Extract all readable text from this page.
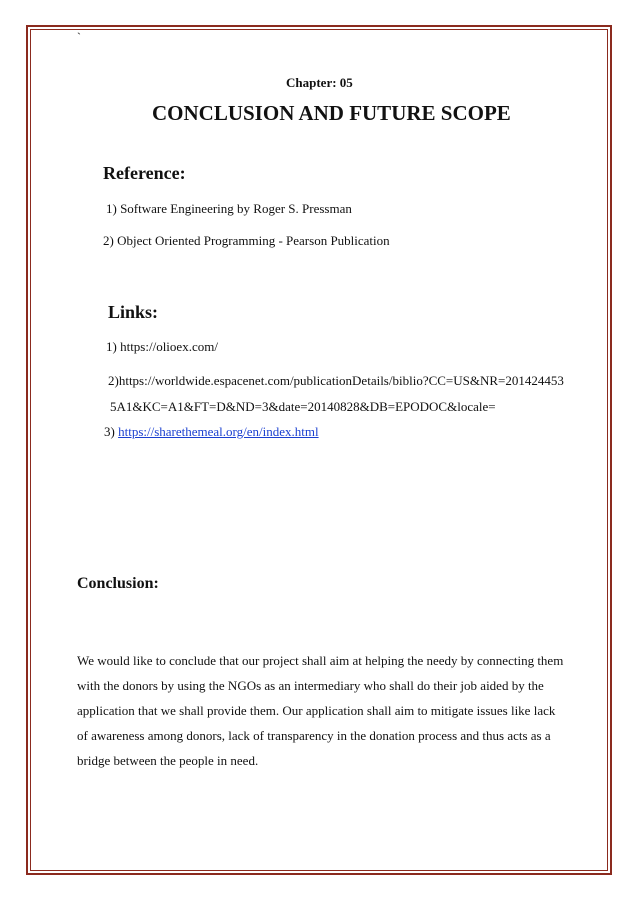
`
Chapter: 05
CONCLUSION AND FUTURE SCOPE
Reference:
1) Software Engineering by Roger S. Pressman
2) Object Oriented Programming - Pearson Publication
Links:
1) https://olioex.com/
2)https://worldwide.espacenet.com/publicationDetails/biblio?CC=US&NR=201424453
5A1&KC=A1&FT=D&ND=3&date=20140828&DB=EPODOC&locale=
3) https://sharethemeal.org/en/index.html
Conclusion:

We would like to conclude that our project shall aim at helping the needy by connecting them

with the donors by using the NGOs as an intermediary who shall do their job aided by the

application that we shall provide them. Our application shall aim to mitigate issues like lack

of awareness among donors, lack of transparency in the donation process and thus acts as a

bridge between the people in need.
